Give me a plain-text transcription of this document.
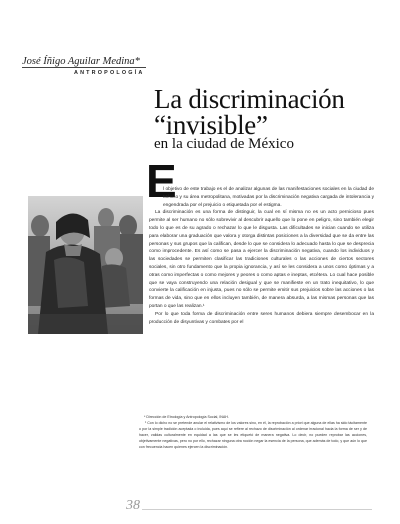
José Íñigo Aguilar Medina*
ANTROPOLOGÍA
La discriminación
“invisible”
en la ciudad de México
E

l objetivo de este trabajo es el de analizar algunas de las manifestaciones sociales en la ciudad de México y su área metropolitana, motivadas por la discriminación negativa cargada de intolerancia y engendrada por el prejuicio o etiquetada por el estigma.

La discriminación es una forma de distinguir, la cual en sí misma no es un acto pernicioso pues permite al ser humano no sólo sobrevivir al descubrir aquello que lo pone en peligro, sino también elegir todo lo que es de su agrado o rechazar lo que le disgusta. Las dificultades se inician cuando se utiliza para elaborar una graduación que valora y otorga distintas posiciones a la diversidad que se da entre las personas y sus grupos que la califican, desde lo que se considera lo adecuado hasta lo que se desprecia como improcedente. Es así como se pasa a ejercer la discriminación negativa, cuando los individuos y las sociedades se permiten clasificar las tradiciones culturales o las acciones de ciertos sectores sociales, sin otro fundamento que la propia ignorancia, y así se les considera a unos como óptimas y a otras como imperfectas o como mejores y peores o como aptas e ineptas, etcétera. Lo cual hace posible que se vaya construyendo una relación desigual y que se manifieste en un trato inequitativo, lo que convierte la calificación en injusta, pues no sólo se permite emitir sus prejuicios sobre las acciones o las formas de vida, sino que en ellos incluyen también, de manera absurda, a las mismas personas que las portan o que las realizan.¹

Por lo que toda forma de discriminación entre seres humanos debiera siempre desembocar en la producción de disyuntivas y combates por el

* Dirección de Etnología y Antropología Social, INAH.

¹ Con lo dicho no se pretende anular el relativismo de los valores sino, en él, la reprobación a priori que alguna de ellas ha sido tácitamente o por la simple tradición aceptada o incluida, pues aquí se refiere al rechazo de discriminación al ordenar irracional hacia la forma de ser y de hacer, validas culturalmente en equidad a las que se les etiquetó de manera negativa. Lo decir, no pueden reprobar las acciones, objetivamente negativas, pero no por ello, rechazar ninguna otra noción negar la esencia de la persona, que además de todo, y que aún lo que con frecuencia hacen quienes ejercen la discriminación.

38
